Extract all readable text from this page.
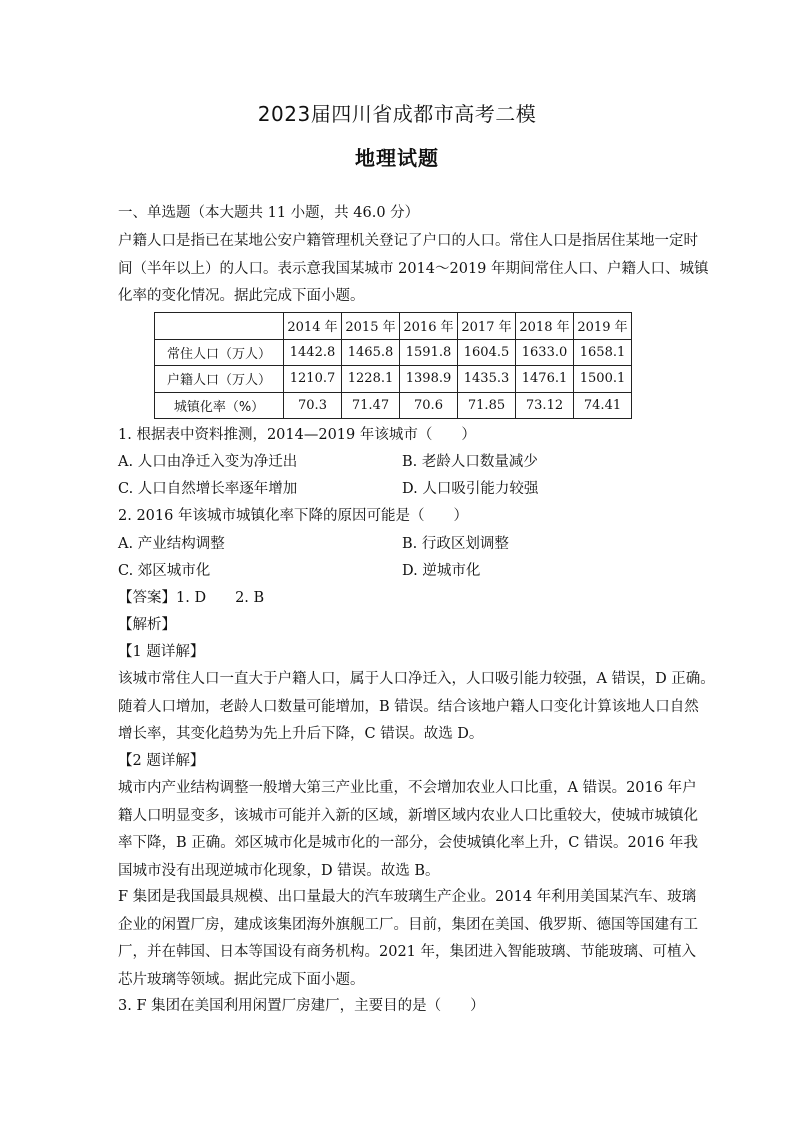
2023届四川省成都市高考二模
地理试题
一、单选题（本大题共 11 小题，共 46.0 分）
户籍人口是指已在某地公安户籍管理机关登记了户口的人口。常住人口是指居住某地一定时
间（半年以上）的人口。表示意我国某城市 2014～2019 年期间常住人口、户籍人口、城镇
化率的变化情况。据此完成下面小题。
	2014 年	2015 年	2016 年	2017 年	2018 年	2019 年
常住人口（万人）	1442.8	1465.8	1591.8	1604.5	1633.0	1658.1
户籍人口（万人）	1210.7	1228.1	1398.9	1435.3	1476.1	1500.1
城镇化率（%）	70.3	71.47	70.6	71.85	73.12	74.41
1. 根据表中资料推测，2014—2019 年该城市（　　）
A. 人口由净迁入变为净迁出	B. 老龄人口数量减少
C. 人口自然增长率逐年增加	D. 人口吸引能力较强
2. 2016 年该城市城镇化率下降的原因可能是（　　）
A. 产业结构调整	B. 行政区划调整
C. 郊区城市化	D. 逆城市化
【答案】1. D　　2. B
【解析】
【1 题详解】
该城市常住人口一直大于户籍人口，属于人口净迁入，人口吸引能力较强，A 错误，D 正确。
随着人口增加，老龄人口数量可能增加，B 错误。结合该地户籍人口变化计算该地人口自然
增长率，其变化趋势为先上升后下降，C 错误。故选 D。
【2 题详解】
城市内产业结构调整一般增大第三产业比重，不会增加农业人口比重，A 错误。2016 年户
籍人口明显变多，该城市可能并入新的区域，新增区域内农业人口比重较大，使城市城镇化
率下降，B 正确。郊区城市化是城市化的一部分，会使城镇化率上升，C 错误。2016 年我
国城市没有出现逆城市化现象，D 错误。故选 B。
F 集团是我国最具规模、出口量最大的汽车玻璃生产企业。2014 年利用美国某汽车、玻璃
企业的闲置厂房，建成该集团海外旗舰工厂。目前，集团在美国、俄罗斯、德国等国建有工
厂，并在韩国、日本等国设有商务机构。2021 年，集团进入智能玻璃、节能玻璃、可植入
芯片玻璃等领域。据此完成下面小题。
3. F 集团在美国利用闲置厂房建厂，主要目的是（　　）
